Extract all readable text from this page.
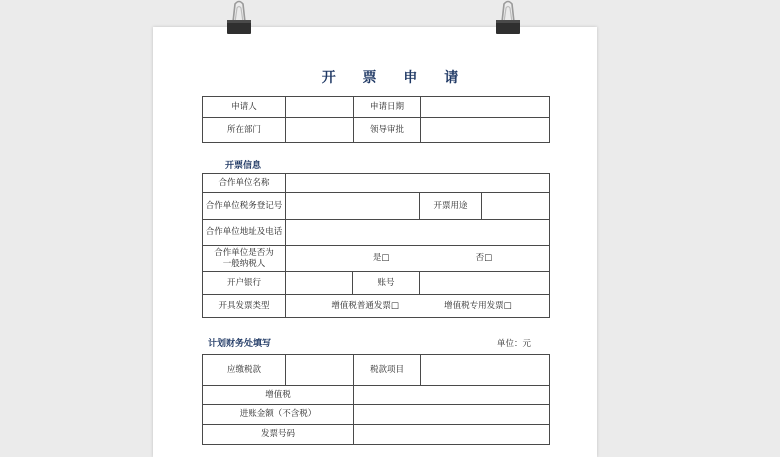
开 票 申 请
申请人		申请日期	
所在部门		领导审批	
开票信息
合作单位名称				
合作单位税务登记号			开票用途	
合作单位地址及电话				

合作单位是否为
一般纳税人	是□ 否□			
开户银行		账号		
开具发票类型	增值税普通发票□ 增值税专用发票□			
计划财务处填写	单位：元
应缴税款		税款项目	
增值税			
进账金额（不含税）			
发票号码			
